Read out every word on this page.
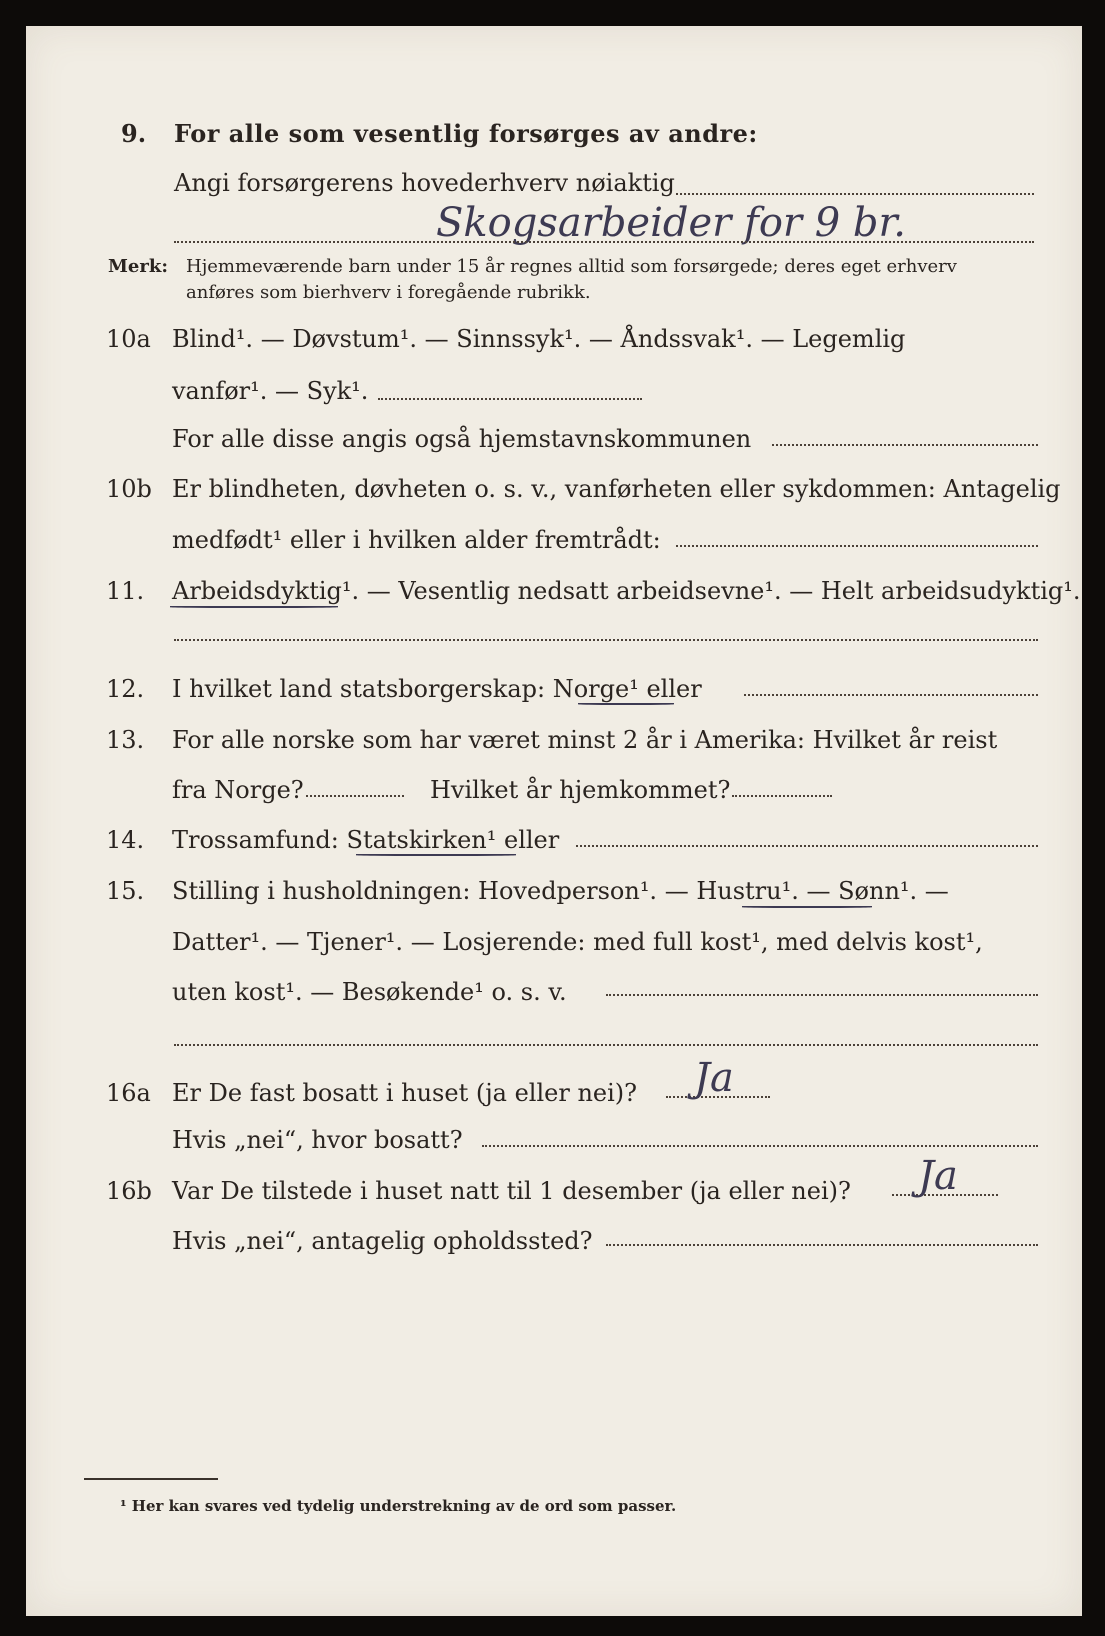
9. For alle som vesentlig forsørges av andre:
Angi forsørgerens hovederhverv nøiaktig
Skogsarbeider for 9 br.
Merk: Hjemmeværende barn under 15 år regnes alltid som forsørgede; deres eget erhverv
anføres som bierhverv i foregående rubrikk.
10a Blind¹. — Døvstum¹. — Sinnssyk¹. — Åndssvak¹. — Legemlig
vanfør¹. — Syk¹.
For alle disse angis også hjemstavnskommunen
10b Er blindheten, døvheten o. s. v., vanførheten eller sykdommen: Antagelig
medfødt¹ eller i hvilken alder fremtrådt:
11. Arbeidsdyktig¹. — Vesentlig nedsatt arbeidsevne¹. — Helt arbeidsudyktig¹.
12. I hvilket land statsborgerskap: Norge¹ eller
13. For alle norske som har været minst 2 år i Amerika: Hvilket år reist
fra Norge?	Hvilket år hjemkommet?
14. Trossamfund: Statskirken¹ eller
15. Stilling i husholdningen: Hovedperson¹. — Hustru¹. — Sønn¹. —
Datter¹. — Tjener¹. — Losjerende: med full kost¹, med delvis kost¹,
uten kost¹. — Besøkende¹ o. s. v.
16a Er De fast bosatt i huset (ja eller nei)? Ja
Hvis „nei“, hvor bosatt?
16b Var De tilstede i huset natt til 1 desember (ja eller nei)? Ja
Hvis „nei“, antagelig opholdssted?
¹ Her kan svares ved tydelig understrekning av de ord som passer.
